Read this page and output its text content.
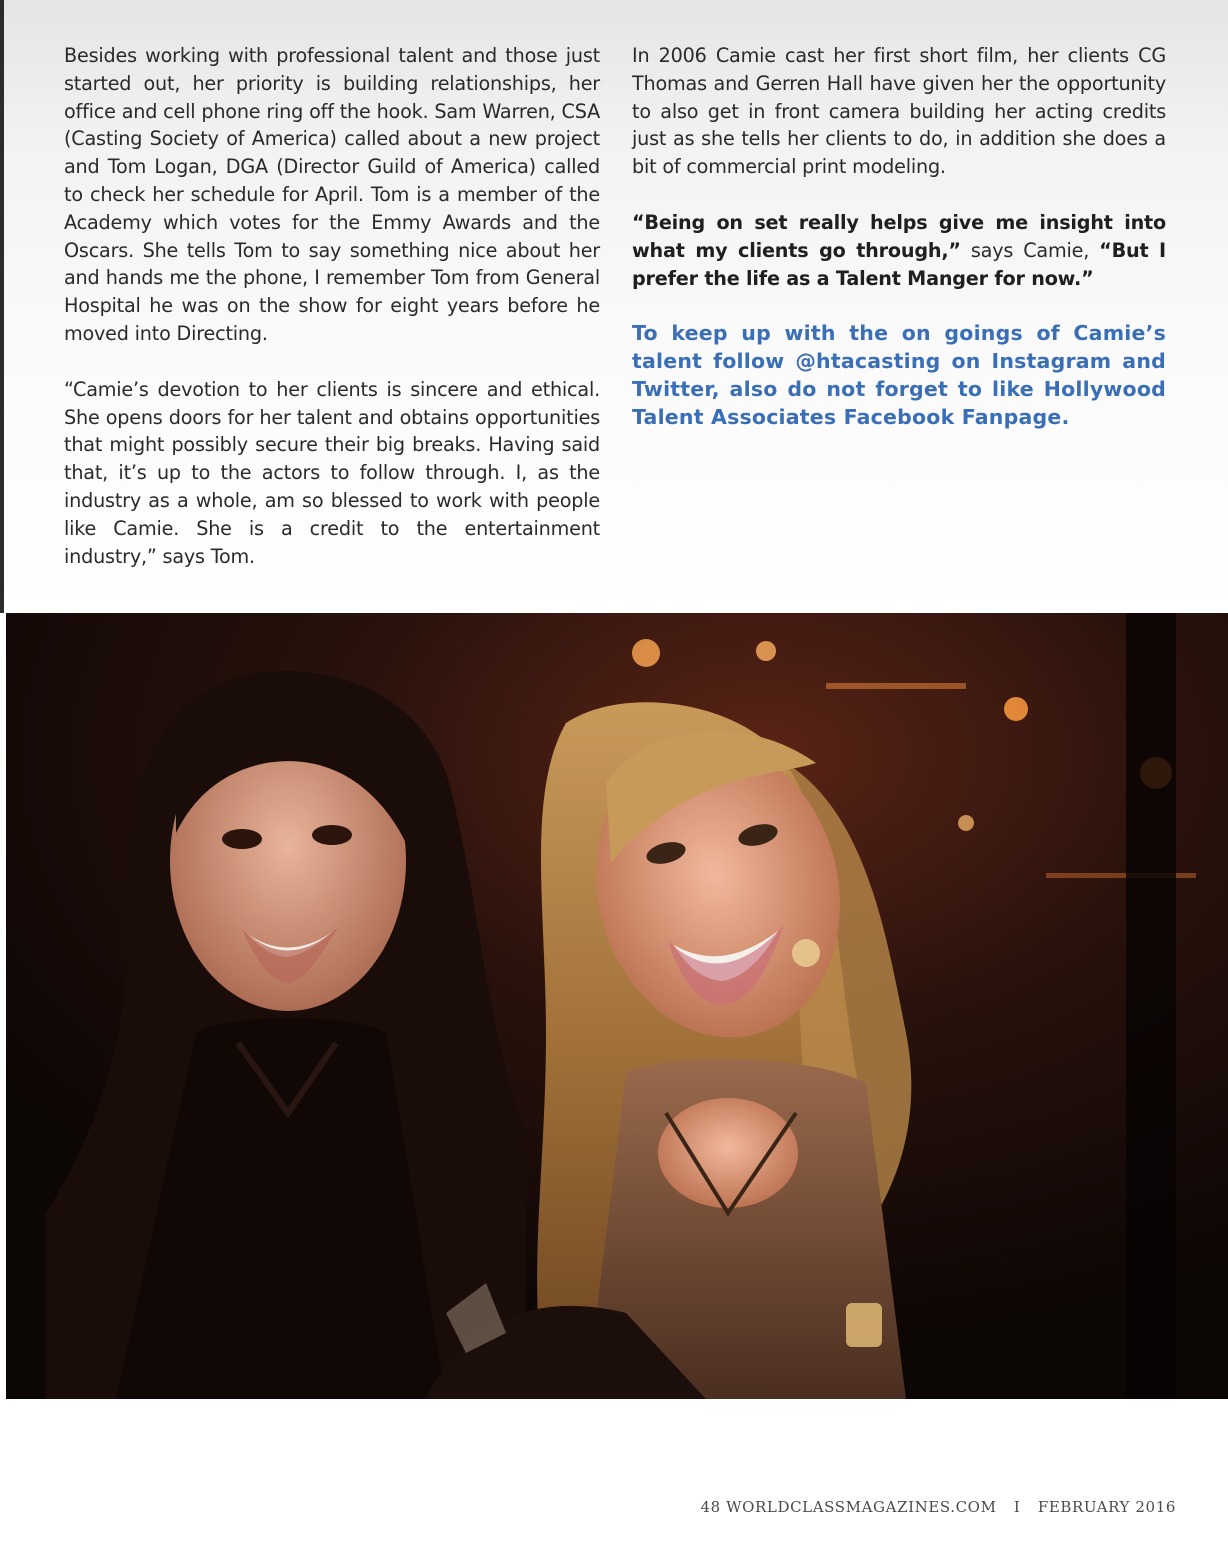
Besides working with professional talent and those just started out, her priority is building relationships, her office and cell phone ring off the hook. Sam Warren, CSA (Casting Society of America) called about a new project and Tom Logan, DGA (Director Guild of America) called to check her schedule for April. Tom is a member of the Academy which votes for the Emmy Awards and the Oscars. She tells Tom to say something nice about her and hands me the phone, I remember Tom from General Hospital he was on the show for eight years before he moved into Directing.

“Camie’s devotion to her clients is sincere and ethical. She opens doors for her talent and obtains opportunities that might possibly secure their big breaks. Having said that, it’s up to the actors to follow through. I, as the industry as a whole, am so blessed to work with people like Camie. She is a credit to the entertainment industry,” says Tom.

In 2006 Camie cast her first short film, her clients CG Thomas and Gerren Hall have given her the opportunity to also get in front camera building her acting credits just as she tells her clients to do, in addition she does a bit of commercial print modeling.

“Being on set really helps give me insight into what my clients go through,” says Camie, “But I prefer the life as a Talent Manger for now.”

To keep up with the on goings of Camie’s talent follow @htacasting on Instagram and Twitter, also do not forget to like Hollywood Talent Associates Facebook Fanpage.

48 WORLDCLASSMAGAZINES.COM I FEBRUARY 2016
